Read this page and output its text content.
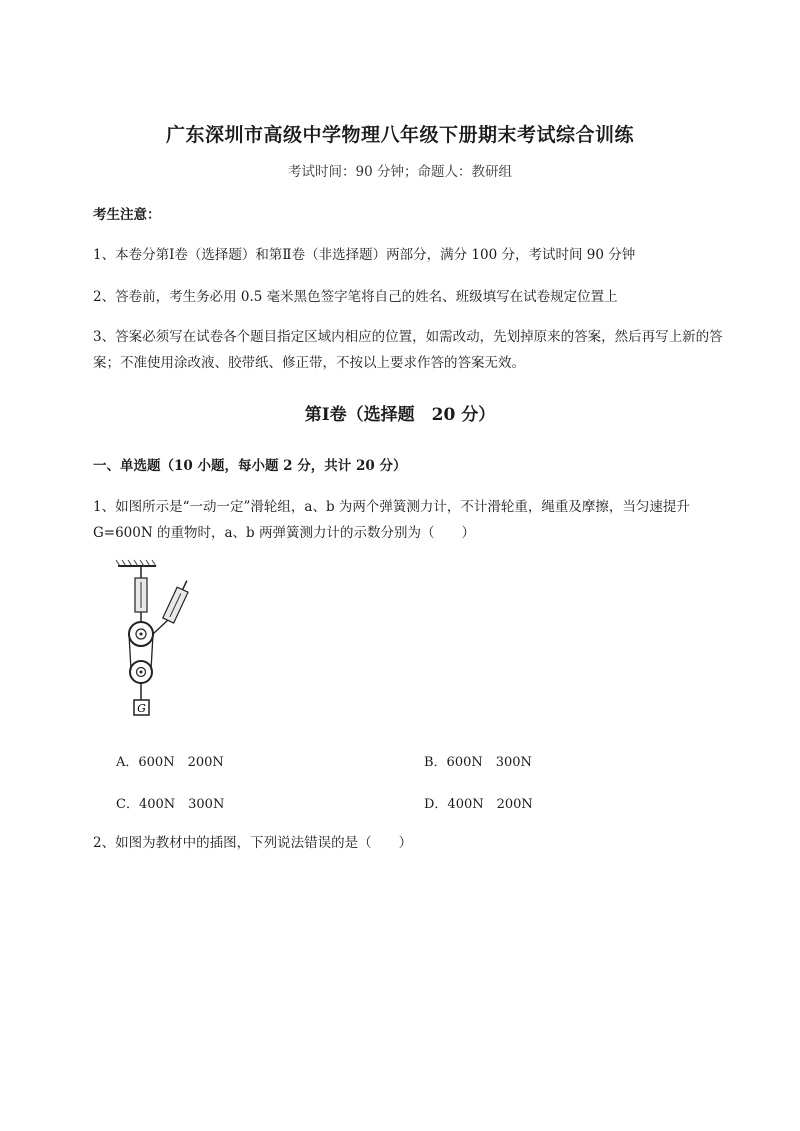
广东深圳市高级中学物理八年级下册期末考试综合训练
考试时间：90 分钟；命题人：教研组
考生注意：
1、本卷分第Ⅰ卷（选择题）和第Ⅱ卷（非选择题）两部分，满分 100 分，考试时间 90 分钟
2、答卷前，考生务必用 0.5 毫米黑色签字笔将自己的姓名、班级填写在试卷规定位置上
3、答案必须写在试卷各个题目指定区域内相应的位置，如需改动，先划掉原来的答案，然后再写上新的答案；不准使用涂改液、胶带纸、修正带，不按以上要求作答的答案无效。
第Ⅰ卷（选择题　20 分）
一、单选题（10 小题，每小题 2 分，共计 20 分）
1、如图所示是“一动一定”滑轮组，a、b 为两个弹簧测力计，不计滑轮重，绳重及摩擦，当匀速提升 G=600N 的重物时，a、b 两弹簧测力计的示数分别为（　　）
G
A．600N　200N	B．600N　300N
C．400N　300N	D．400N　200N
2、如图为教材中的插图，下列说法错误的是（　　）
